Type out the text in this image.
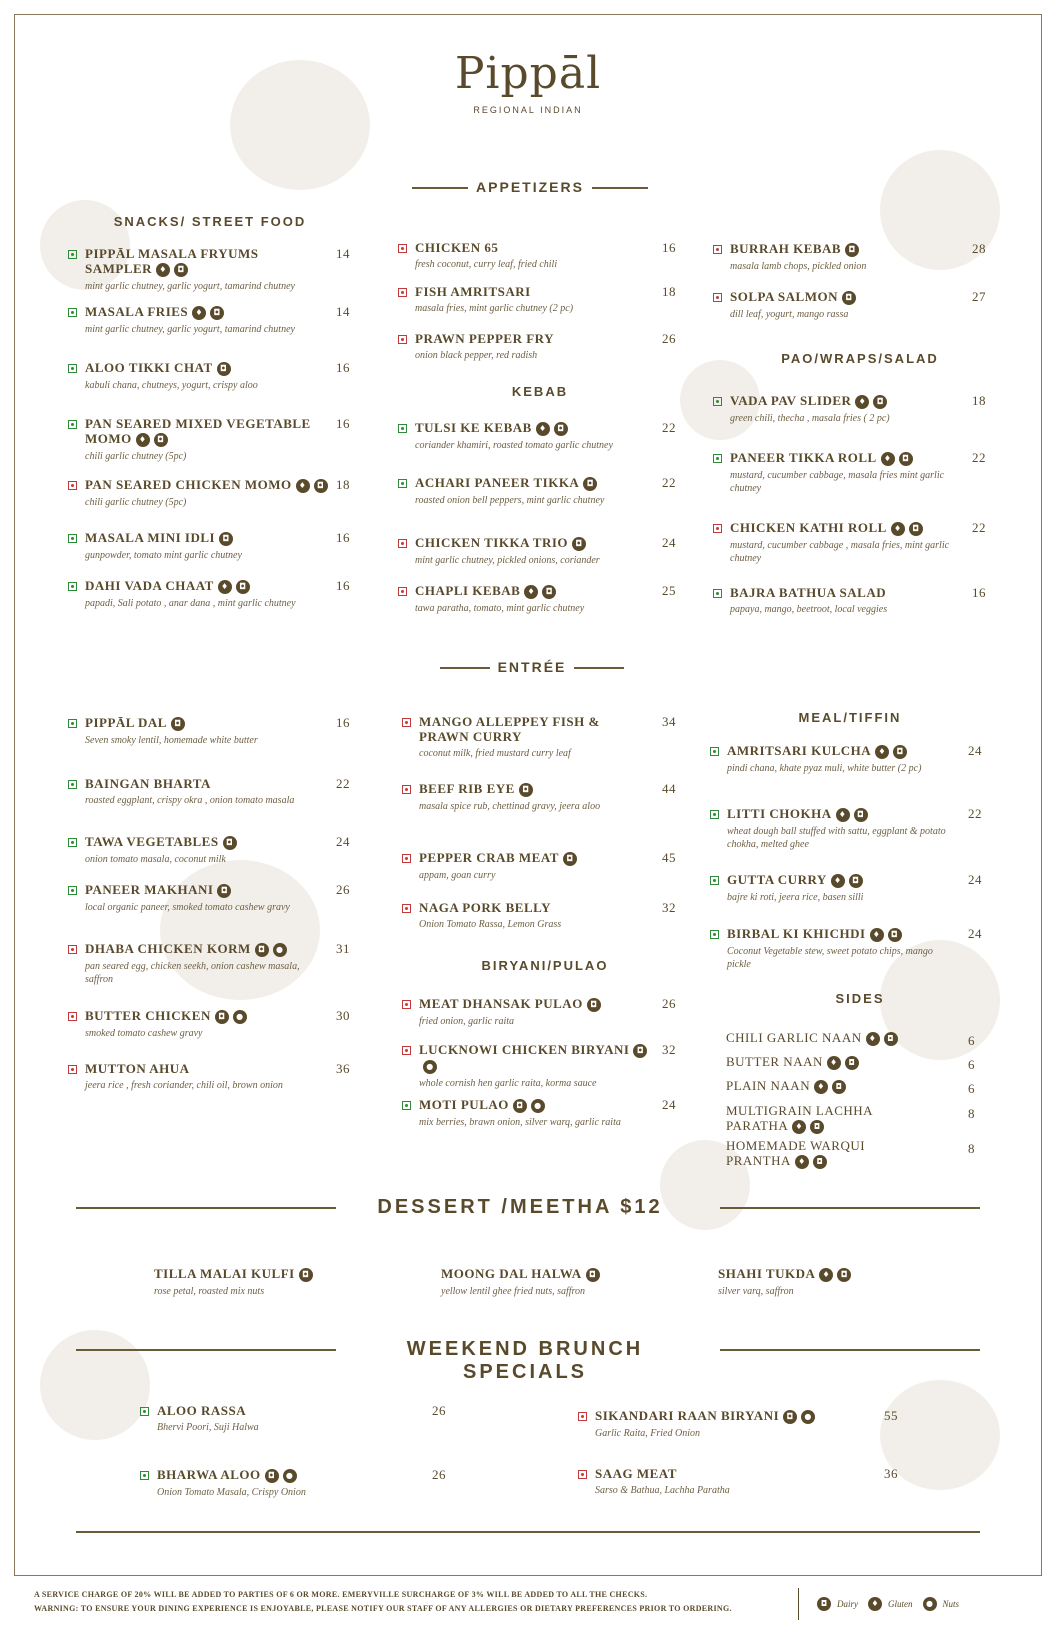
Pippāl
REGIONAL INDIAN
APPETIZERS
SNACKS/ STREET FOOD
KEBAB
PAO/WRAPS/SALAD
ENTRÉE
BIRYANI/PULAO
MEAL/TIFFIN
SIDES
DESSERT /MEETHA $12
WEEKEND BRUNCH SPECIALS
PIPPĀL MASALA FRYUMS SAMPLER ♦ ◘
mint garlic chutney, garlic yogurt, tamarind chutney
14
MASALA FRIES ♦ ◘
mint garlic chutney, garlic yogurt, tamarind chutney
14
ALOO TIKKI CHAT ◘
kabuli chana, chutneys, yogurt, crispy aloo
16
PAN SEARED MIXED VEGETABLE MOMO ♦ ◘
chili garlic chutney (5pc)
16
PAN SEARED CHICKEN MOMO ♦ ◘
chili garlic chutney (5pc)
18
MASALA MINI IDLI ◘
gunpowder, tomato mint garlic chutney
16
DAHI VADA CHAAT ♦ ◘
papadi, Sali potato , anar dana , mint garlic chutney
16
CHICKEN 65
fresh coconut, curry leaf, fried chili
16
FISH AMRITSARI
masala fries, mint garlic chutney (2 pc)
18
PRAWN PEPPER FRY
onion black pepper, red radish
26
TULSI KE KEBAB ♦ ◘
coriander khamiri, roasted tomato garlic chutney
22
ACHARI PANEER TIKKA ◘
roasted onion bell peppers, mint garlic chutney
22
CHICKEN TIKKA TRIO ◘
mint garlic chutney, pickled onions, coriander
24
CHAPLI KEBAB ♦ ◘
tawa paratha, tomato, mint garlic chutney
25
BURRAH KEBAB ◘
masala lamb chops, pickled onion
28
SOLPA SALMON ◘
dill leaf, yogurt, mango rassa
27
VADA PAV SLIDER ♦ ◘
green chili, thecha , masala fries ( 2 pc)
18
PANEER TIKKA ROLL ♦ ◘
mustard, cucumber cabbage, masala fries mint garlic chutney
22
CHICKEN KATHI ROLL ♦ ◘
mustard, cucumber cabbage , masala fries, mint garlic chutney
22
BAJRA BATHUA SALAD
papaya, mango, beetroot, local veggies
16
PIPPĀL DAL ◘
Seven smoky lentil, homemade white butter
16
BAINGAN BHARTA
roasted eggplant, crispy okra , onion tomato masala
22
TAWA VEGETABLES ◘
onion tomato masala, coconut milk
24
PANEER MAKHANI ◘
local organic paneer, smoked tomato cashew gravy
26
DHABA CHICKEN KORM ◘ ●
pan seared egg, chicken seekh, onion cashew masala, saffron
31
BUTTER CHICKEN ◘ ●
smoked tomato cashew gravy
30
MUTTON AHUA
jeera rice , fresh coriander, chili oil, brown onion
36
MANGO ALLEPPEY FISH & PRAWN CURRY
coconut milk, fried mustard curry leaf
34
BEEF RIB EYE ◘
masala spice rub, chettinad gravy, jeera aloo
44
PEPPER CRAB MEAT ◘
appam, goan curry
45
NAGA PORK BELLY
Onion Tomato Rassa, Lemon Grass
32
MEAT DHANSAK PULAO ◘
fried onion, garlic raita
26
LUCKNOWI CHICKEN BIRYANI ◘●
whole cornish hen garlic raita, korma sauce
32
MOTI PULAO ◘ ●
mix berries, brawn onion, silver warq, garlic raita
24
AMRITSARI KULCHA ♦ ◘
pindi chana, khate pyaz muli, white butter (2 pc)
24
LITTI CHOKHA ♦ ◘
wheat dough ball stuffed with sattu, eggplant & potato chokha, melted ghee
22
GUTTA CURRY ♦ ◘
bajre ki roti, jeera rice, basen silli
24
BIRBAL KI KHICHDI ♦ ◘
Coconut Vegetable stew, sweet potato chips, mango pickle
24
ALOO RASSA
Bhervi Poori, Suji Halwa
26
BHARWA ALOO ◘ ●
Onion Tomato Masala, Crispy Onion
26
SIKANDARI RAAN BIRYANI ◘ ●
Garlic Raita, Fried Onion
55
SAAG MEAT
Sarso & Bathua, Lachha Paratha
36
CHILI GARLIC NAAN ♦ ◘	6
BUTTER NAAN ♦ ◘	6
PLAIN NAAN ♦ ◘	6
MULTIGRAIN LACHHA PARATHA ♦ ◘
8
HOMEMADE WARQUI PRANTHA ♦ ◘
8
TILLA MALAI KULFI ◘
rose petal, roasted mix nuts
MOONG DAL HALWA ◘
yellow lentil ghee fried nuts, saffron
SHAHI TUKDA ♦ ◘
silver varq, saffron
A SERVICE CHARGE OF 20% WILL BE ADDED TO PARTIES OF 6 OR MORE. EMERYVILLE SURCHARGE OF 3% WILL BE ADDED TO ALL THE CHECKS.
WARNING: TO ENSURE YOUR DINING EXPERIENCE IS ENJOYABLE, PLEASE NOTIFY OUR STAFF OF ANY ALLERGIES OR DIETARY PREFERENCES PRIOR TO ORDERING.
◘	Dairy	♦	Gluten	●	Nuts
